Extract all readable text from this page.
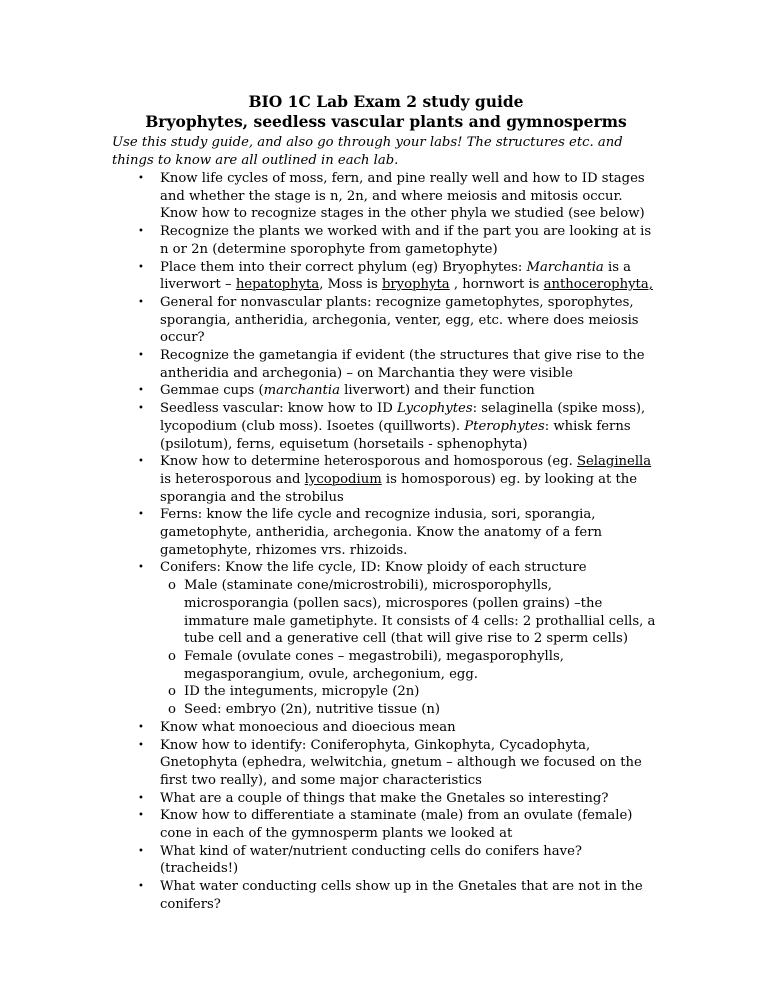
BIO 1C Lab Exam 2 study guide
Bryophytes, seedless vascular plants and gymnosperms
Use this study guide, and also go through your labs! The structures etc. and things to know are all outlined in each lab.
• Know life cycles of moss, fern, and pine really well and how to ID stages and whether the stage is n, 2n, and where meiosis and mitosis occur. Know how to recognize stages in the other phyla we studied (see below)
• Recognize the plants we worked with and if the part you are looking at is n or 2n (determine sporophyte from gametophyte)
• Place them into their correct phylum (eg) Bryophytes: Marchantia is a liverwort – hepatophyta, Moss is bryophyta , hornwort is anthocerophyta,
• General for nonvascular plants: recognize gametophytes, sporophytes, sporangia, antheridia, archegonia, venter, egg, etc. where does meiosis occur?
• Recognize the gametangia if evident (the structures that give rise to the antheridia and archegonia) – on Marchantia they were visible
• Gemmae cups (marchantia liverwort) and their function
• Seedless vascular: know how to ID Lycophytes: selaginella (spike moss), lycopodium (club moss). Isoetes (quillworts). Pterophytes: whisk ferns (psilotum), ferns, equisetum (horsetails - sphenophyta)
• Know how to determine heterosporous and homosporous (eg. Selaginella is heterosporous and lycopodium is homosporous) eg. by looking at the sporangia and the strobilus
• Ferns: know the life cycle and recognize indusia, sori, sporangia, gametophyte, antheridia, archegonia. Know the anatomy of a fern gametophyte, rhizomes vrs. rhizoids.
• Conifers: Know the life cycle, ID: Know ploidy of each structure
o Male (staminate cone/microstrobili), microsporophylls, microsporangia (pollen sacs), microspores (pollen grains) –the immature male gametiphyte. It consists of 4 cells: 2 prothallial cells, a tube cell and a generative cell (that will give rise to 2 sperm cells)
o Female (ovulate cones – megastrobili), megasporophylls, megasporangium, ovule, archegonium, egg.
o ID the integuments, micropyle (2n)
o Seed: embryo (2n), nutritive tissue (n)
• Know what monoecious and dioecious mean
• Know how to identify: Coniferophyta, Ginkophyta, Cycadophyta, Gnetophyta (ephedra, welwitchia, gnetum – although we focused on the first two really), and some major characteristics
• What are a couple of things that make the Gnetales so interesting?
• Know how to differentiate a staminate (male) from an ovulate (female) cone in each of the gymnosperm plants we looked at
• What kind of water/nutrient conducting cells do conifers have? (tracheids!)
• What water conducting cells show up in the Gnetales that are not in the conifers?
